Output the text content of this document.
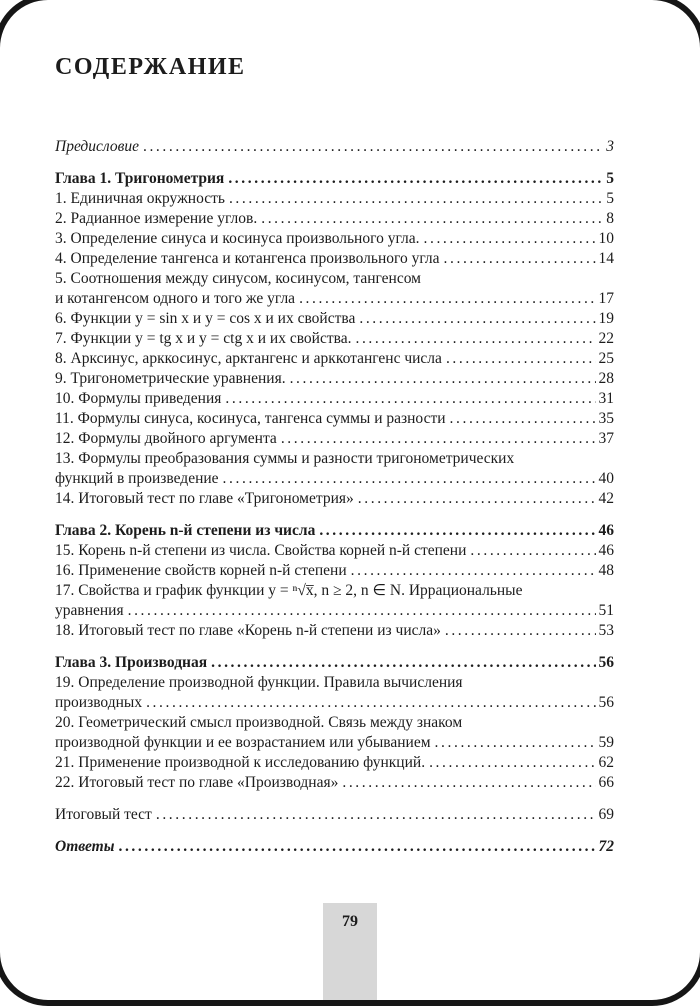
СОДЕРЖАНИЕ
Предисловие .....	3
Глава 1. Тригонометрия .....	5
1. Единичная окружность .....	5
2. Радианное измерение углов. .....	8
3. Определение синуса и косинуса произвольного угла. .....	10
4. Определение тангенса и котангенса произвольного угла .....	14
5. Соотношения между синусом, косинусом, тангенсом
и котангенсом одного и того же угла .....	17
6. Функции y = sin x и y = cos x и их свойства .....	19
7. Функции y = tg x и y = ctg x и их свойства. .....	22
8. Арксинус, арккосинус, арктангенс и арккотангенс числа .....	25
9. Тригонометрические уравнения. .....	28
10. Формулы приведения .....	31
11. Формулы синуса, косинуса, тангенса суммы и разности .....	35
12. Формулы двойного аргумента .....	37
13. Формулы преобразования суммы и разности тригонометрических
функций в произведение .....	40
14. Итоговый тест по главе «Тригонометрия» .....	42
Глава 2. Корень n-й степени из числа .....	46
15. Корень n-й степени из числа. Свойства корней n-й степени .....	46
16. Применение свойств корней n-й степени .....	48
17. Свойства и график функции y = ⁿ√x̅, n ≥ 2, n ∈ N. Иррациональные
уравнения .....	51
18. Итоговый тест по главе «Корень n-й степени из числа» .....	53
Глава 3. Производная .....	56
19. Определение производной функции. Правила вычисления
производных .....	56
20. Геометрический смысл производной. Связь между знаком
производной функции и ее возрастанием или убыванием .....	59
21. Применение производной к исследованию функций. .....	62
22. Итоговый тест по главе «Производная» .....	66
Итоговый тест .....	69
Ответы .....	72
79
